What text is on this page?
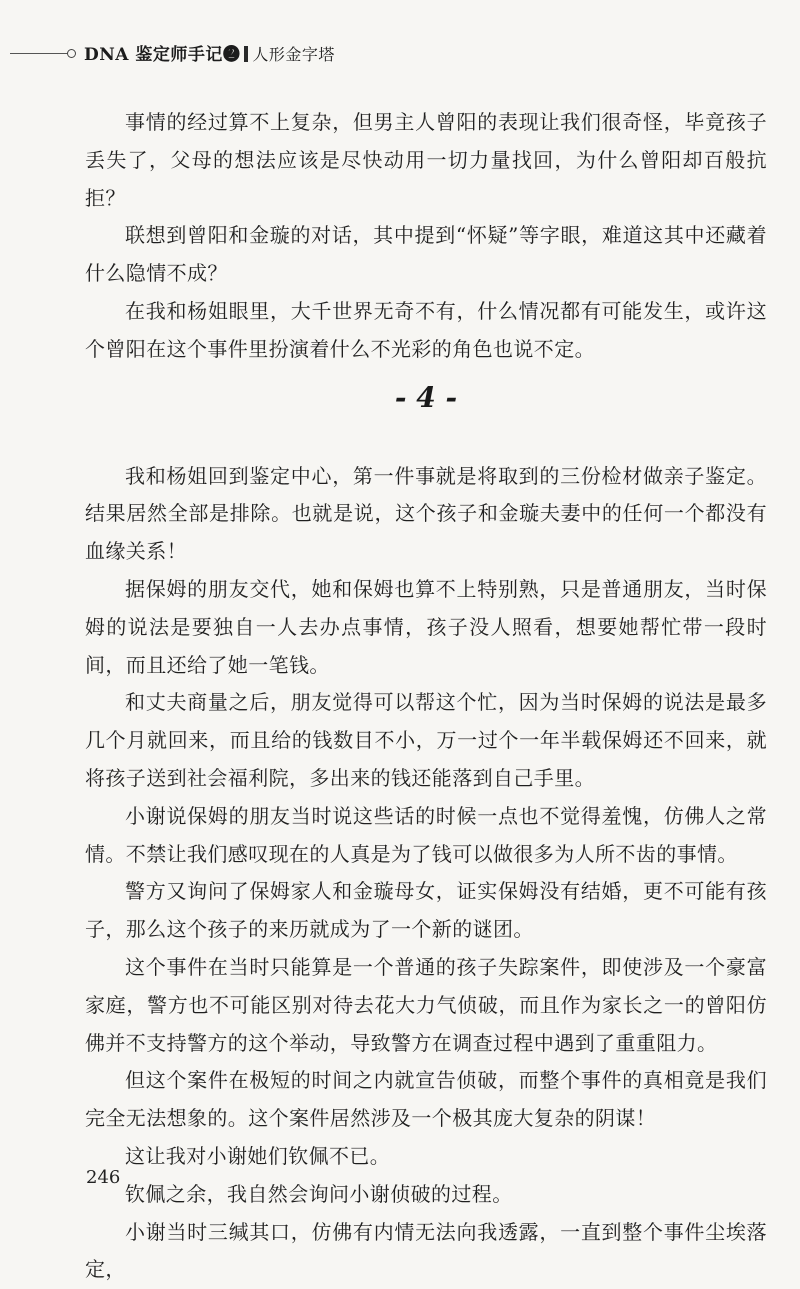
DNA 鉴定师手记❷ 人形金字塔

事情的经过算不上复杂，但男主人曾阳的表现让我们很奇怪，毕竟孩子丢失了，父母的想法应该是尽快动用一切力量找回，为什么曾阳却百般抗拒？

联想到曾阳和金璇的对话，其中提到“怀疑”等字眼，难道这其中还藏着什么隐情不成？

在我和杨姐眼里，大千世界无奇不有，什么情况都有可能发生，或许这个曾阳在这个事件里扮演着什么不光彩的角色也说不定。

- 4 -

我和杨姐回到鉴定中心，第一件事就是将取到的三份检材做亲子鉴定。结果居然全部是排除。也就是说，这个孩子和金璇夫妻中的任何一个都没有血缘关系！

据保姆的朋友交代，她和保姆也算不上特别熟，只是普通朋友，当时保姆的说法是要独自一人去办点事情，孩子没人照看，想要她帮忙带一段时间，而且还给了她一笔钱。

和丈夫商量之后，朋友觉得可以帮这个忙，因为当时保姆的说法是最多几个月就回来，而且给的钱数目不小，万一过个一年半载保姆还不回来，就将孩子送到社会福利院，多出来的钱还能落到自己手里。

小谢说保姆的朋友当时说这些话的时候一点也不觉得羞愧，仿佛人之常情。不禁让我们感叹现在的人真是为了钱可以做很多为人所不齿的事情。

警方又询问了保姆家人和金璇母女，证实保姆没有结婚，更不可能有孩子，那么这个孩子的来历就成为了一个新的谜团。

这个事件在当时只能算是一个普通的孩子失踪案件，即使涉及一个豪富家庭，警方也不可能区别对待去花大力气侦破，而且作为家长之一的曾阳仿佛并不支持警方的这个举动，导致警方在调查过程中遇到了重重阻力。

但这个案件在极短的时间之内就宣告侦破，而整个事件的真相竟是我们完全无法想象的。这个案件居然涉及一个极其庞大复杂的阴谋！

这让我对小谢她们钦佩不已。

钦佩之余，我自然会询问小谢侦破的过程。

小谢当时三缄其口，仿佛有内情无法向我透露，一直到整个事件尘埃落定，

246
